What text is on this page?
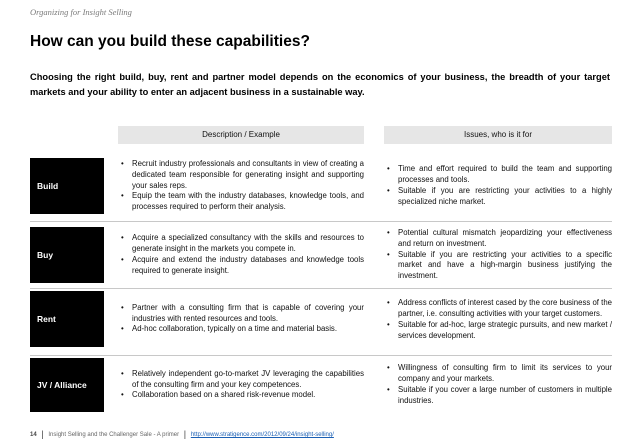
Organizing for Insight Selling
How can you build these capabilities?

Choosing the right build, buy, rent and partner model depends on the economics of your business, the breadth of your target markets and your ability to enter an adjacent business in a sustainable way.

Description / Example	Issues, who is it for
Build
• Recruit industry professionals and consultants in view of creating a dedicated team responsible for generating insight and supporting your sales reps.
• Equip the team with the industry databases, knowledge tools, and processes required to perform their analysis.
• Time and effort required to build the team and supporting processes and tools.
• Suitable if you are restricting your activities to a highly specialized niche market.
Buy
• Acquire a specialized consultancy with the skills and resources to generate insight in the markets you compete in.
• Acquire and extend the industry databases and knowledge tools required to generate insight.
• Potential cultural mismatch jeopardizing your effectiveness and return on investment.
• Suitable if you are restricting your activities to a specific market and have a high-margin business justifying the investment.
Rent
• Partner with a consulting firm that is capable of covering your industries with rented resources and tools.
• Ad-hoc collaboration, typically on a time and material basis.
• Address conflicts of interest cased by the core business of the partner, i.e. consulting activities with your target customers.
• Suitable for ad-hoc, large strategic pursuits, and new market / services development.
JV / Alliance
• Relatively independent go-to-market JV leveraging the capabilities of the consulting firm and your key competences.
• Collaboration based on a shared risk-revenue model.
• Willingness of consulting firm to limit its services to your company and your markets.
• Suitable if you cover a large number of customers in multiple industries.
14 | Insight Selling and the Challenger Sale - A primer | http://www.stratigence.com/2012/09/24/insight-selling/
